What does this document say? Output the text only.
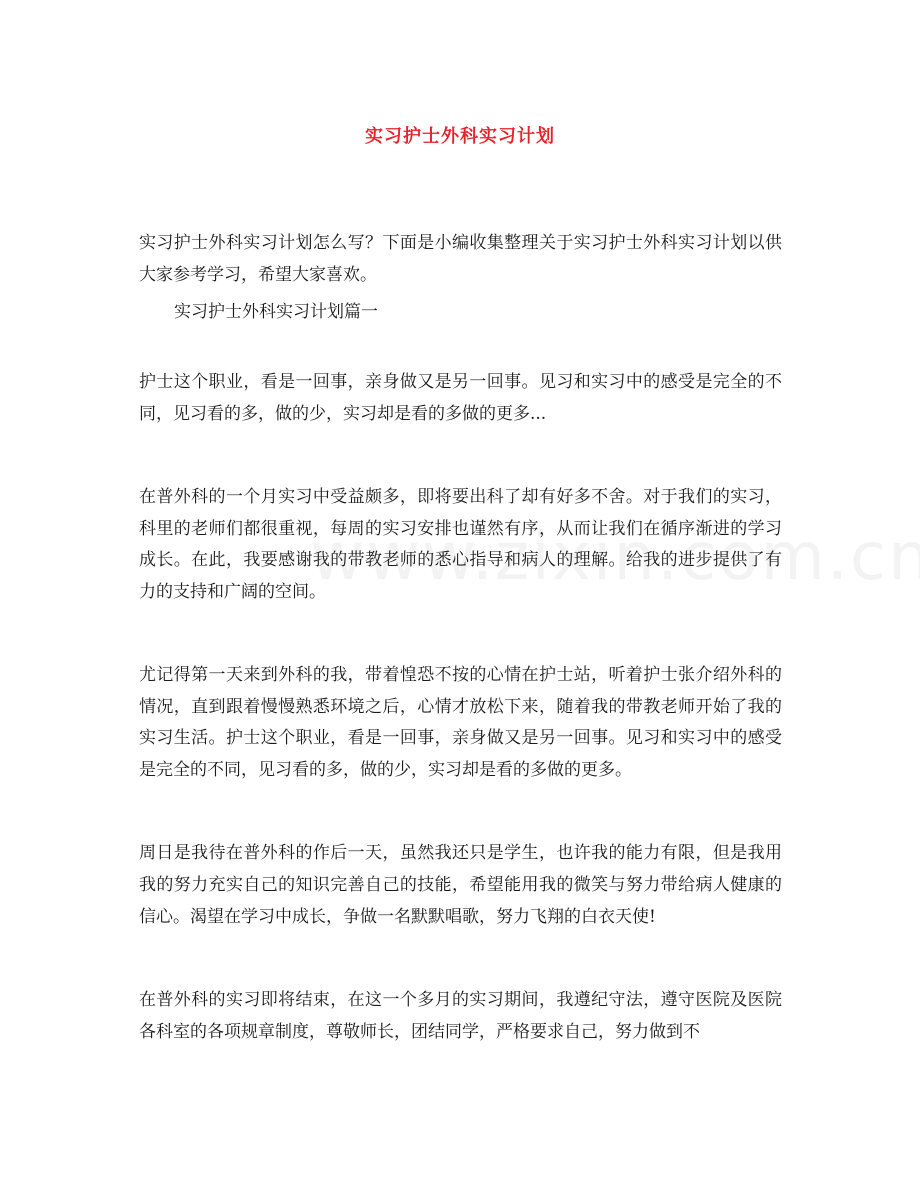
实习护士外科实习计划

实习护士外科实习计划怎么写？下面是小编收集整理关于实习护士外科实习计划以供大家参考学习，希望大家喜欢。

实习护士外科实习计划篇一

护士这个职业，看是一回事，亲身做又是另一回事。见习和实习中的感受是完全的不同，见习看的多，做的少，实习却是看的多做的更多...

在普外科的一个月实习中受益颇多，即将要出科了却有好多不舍。对于我们的实习，科里的老师们都很重视，每周的实习安排也谨然有序，从而让我们在循序渐进的学习成长。在此，我要感谢我的带教老师的悉心指导和病人的理解。给我的进步提供了有力的支持和广阔的空间。

尤记得第一天来到外科的我，带着惶恐不按的心情在护士站，听着护士张介绍外科的情况，直到跟着慢慢熟悉环境之后，心情才放松下来，随着我的带教老师开始了我的实习生活。护士这个职业，看是一回事，亲身做又是另一回事。见习和实习中的感受是完全的不同，见习看的多，做的少，实习却是看的多做的更多。

周日是我待在普外科的作后一天，虽然我还只是学生，也许我的能力有限，但是我用我的努力充实自己的知识完善自己的技能，希望能用我的微笑与努力带给病人健康的信心。渴望在学习中成长，争做一名默默唱歌，努力飞翔的白衣天使!

在普外科的实习即将结束，在这一个多月的实习期间，我遵纪守法，遵守医院及医院各科室的各项规章制度，尊敬师长，团结同学，严格要求自己，努力做到不
